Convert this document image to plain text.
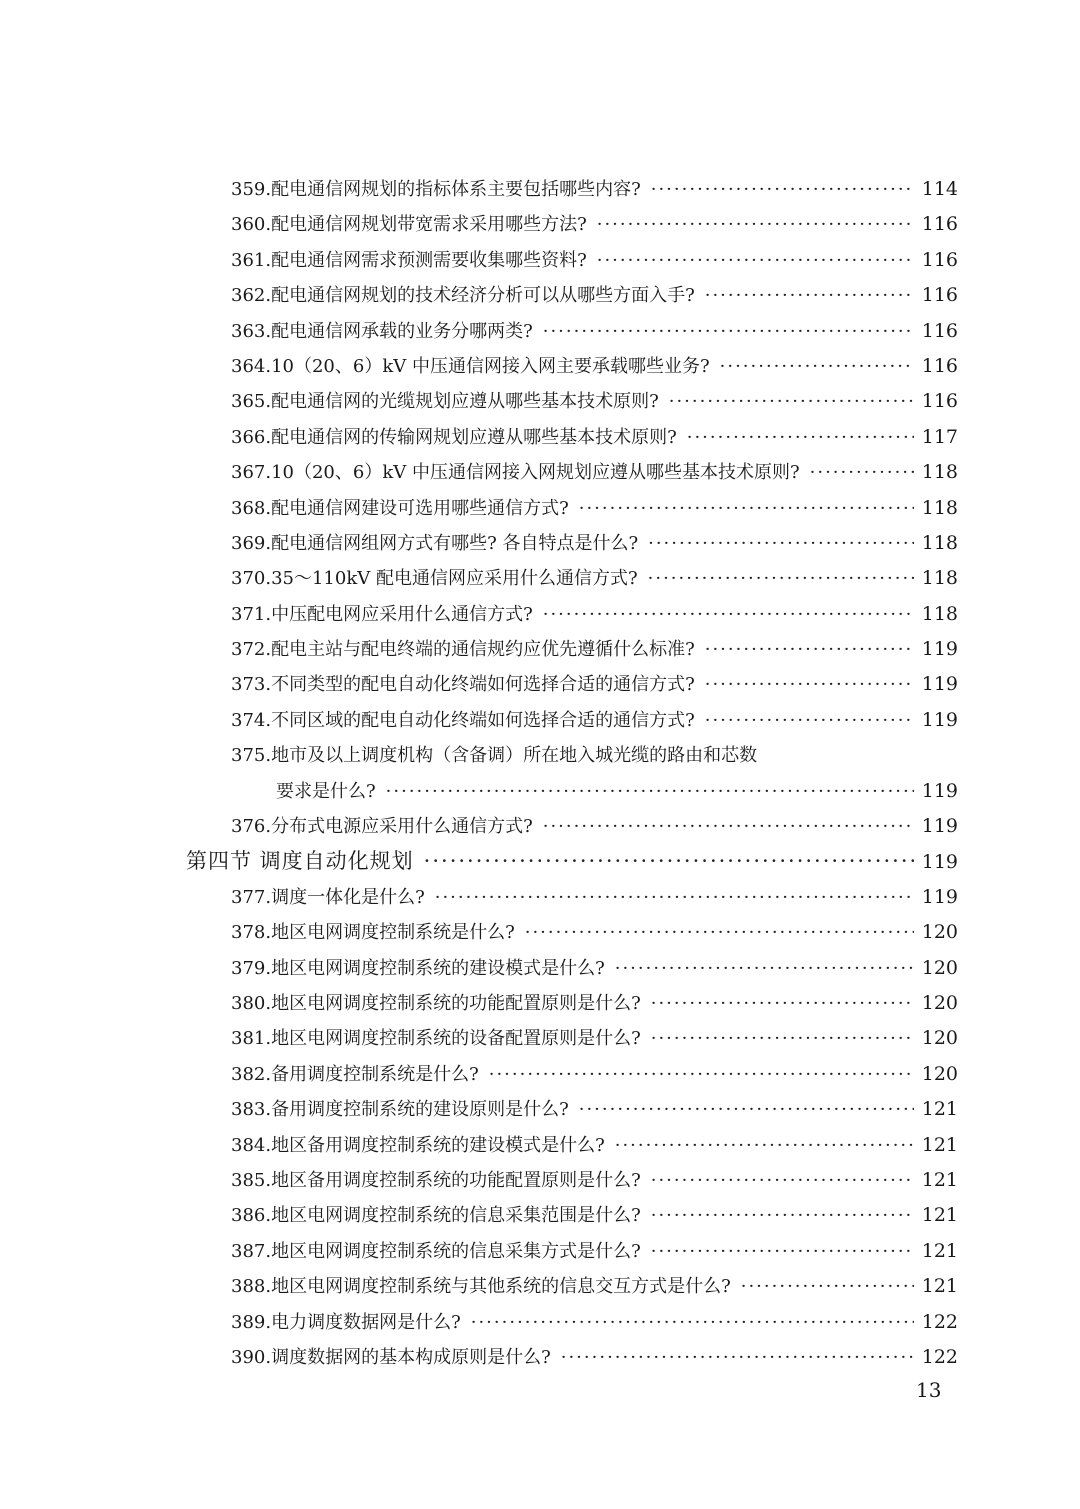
359. 配电通信网规划的指标体系主要包括哪些内容? ·····	114
360. 配电通信网规划带宽需求采用哪些方法? ·····	116
361. 配电通信网需求预测需要收集哪些资料? ·····	116
362. 配电通信网规划的技术经济分析可以从哪些方面入手? ·····	116
363. 配电通信网承载的业务分哪两类? ·····	116
364. 10（20、6）kV 中压通信网接入网主要承载哪些业务? ·····	116
365. 配电通信网的光缆规划应遵从哪些基本技术原则? ·····	116
366. 配电通信网的传输网规划应遵从哪些基本技术原则? ·····	117
367. 10（20、6）kV 中压通信网接入网规划应遵从哪些基本技术原则? ·····	118
368. 配电通信网建设可选用哪些通信方式? ·····	118
369. 配电通信网组网方式有哪些? 各自特点是什么? ·····	118
370. 35～110kV 配电通信网应采用什么通信方式? ·····	118
371. 中压配电网应采用什么通信方式? ·····	118
372. 配电主站与配电终端的通信规约应优先遵循什么标准? ·····	119
373. 不同类型的配电自动化终端如何选择合适的通信方式? ·····	119
374. 不同区域的配电自动化终端如何选择合适的通信方式? ·····	119
375. 地市及以上调度机构（含备调）所在地入城光缆的路由和芯数
要求是什么? ·····	119
376. 分布式电源应采用什么通信方式? ·····	119
第四节 调度自动化规划 ·····	119
377. 调度一体化是什么? ·····	119
378. 地区电网调度控制系统是什么? ·····	120
379. 地区电网调度控制系统的建设模式是什么? ·····	120
380. 地区电网调度控制系统的功能配置原则是什么? ·····	120
381. 地区电网调度控制系统的设备配置原则是什么? ·····	120
382. 备用调度控制系统是什么? ·····	120
383. 备用调度控制系统的建设原则是什么? ·····	121
384. 地区备用调度控制系统的建设模式是什么? ·····	121
385. 地区备用调度控制系统的功能配置原则是什么? ·····	121
386. 地区电网调度控制系统的信息采集范围是什么? ·····	121
387. 地区电网调度控制系统的信息采集方式是什么? ·····	121
388. 地区电网调度控制系统与其他系统的信息交互方式是什么? ·····	121
389. 电力调度数据网是什么? ·····	122
390. 调度数据网的基本构成原则是什么? ·····	122
13
